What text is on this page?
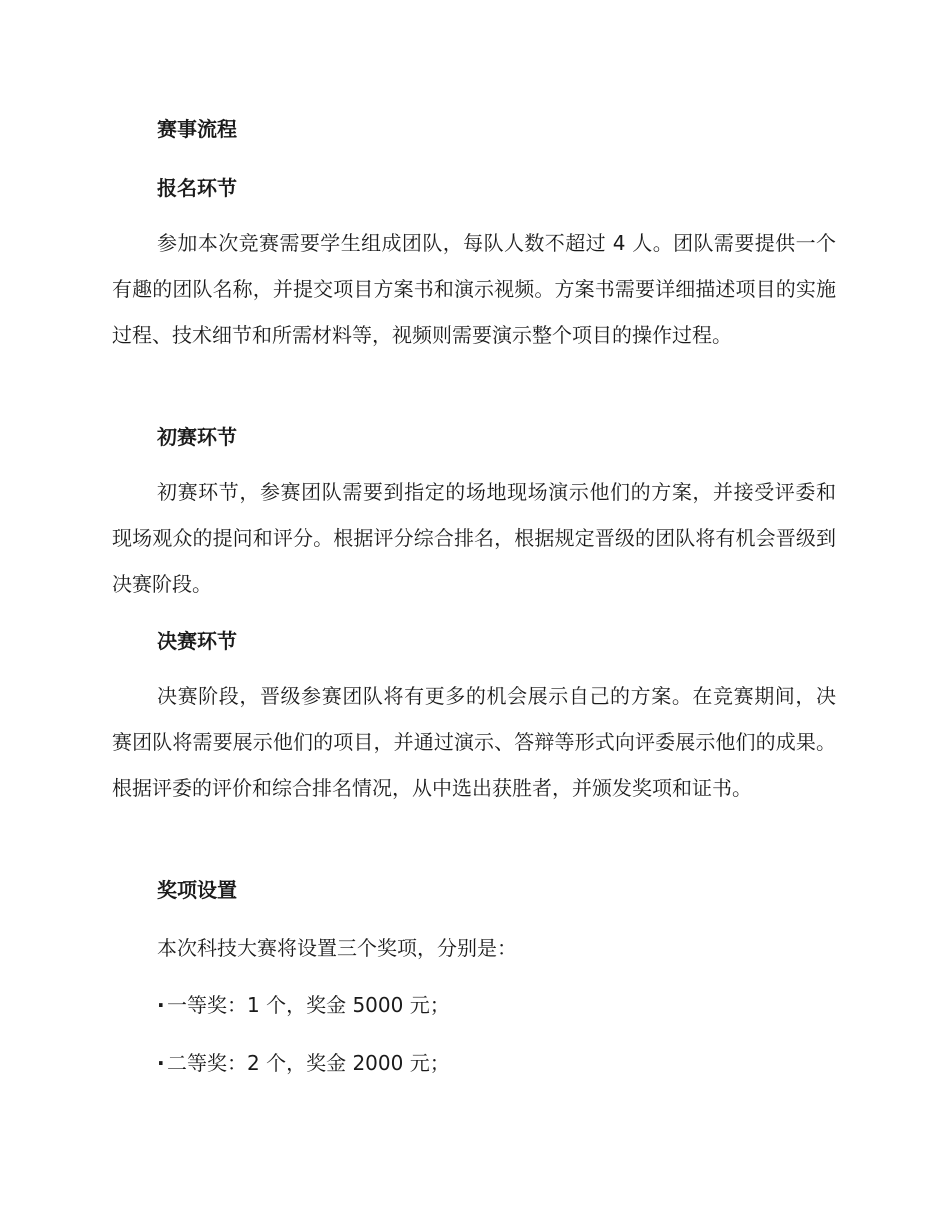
赛事流程
报名环节
参加本次竞赛需要学生组成团队，每队人数不超过 4 人。团队需要提供一个有趣的团队名称，并提交项目方案书和演示视频。方案书需要详细描述项目的实施过程、技术细节和所需材料等，视频则需要演示整个项目的操作过程。
初赛环节
初赛环节，参赛团队需要到指定的场地现场演示他们的方案，并接受评委和现场观众的提问和评分。根据评分综合排名，根据规定晋级的团队将有机会晋级到决赛阶段。
决赛环节
决赛阶段，晋级参赛团队将有更多的机会展示自己的方案。在竞赛期间，决赛团队将需要展示他们的项目，并通过演示、答辩等形式向评委展示他们的成果。根据评委的评价和综合排名情况，从中选出获胜者，并颁发奖项和证书。
奖项设置
本次科技大赛将设置三个奖项，分别是：
· 一等奖：1 个，奖金 5000 元；
· 二等奖：2 个，奖金 2000 元；
